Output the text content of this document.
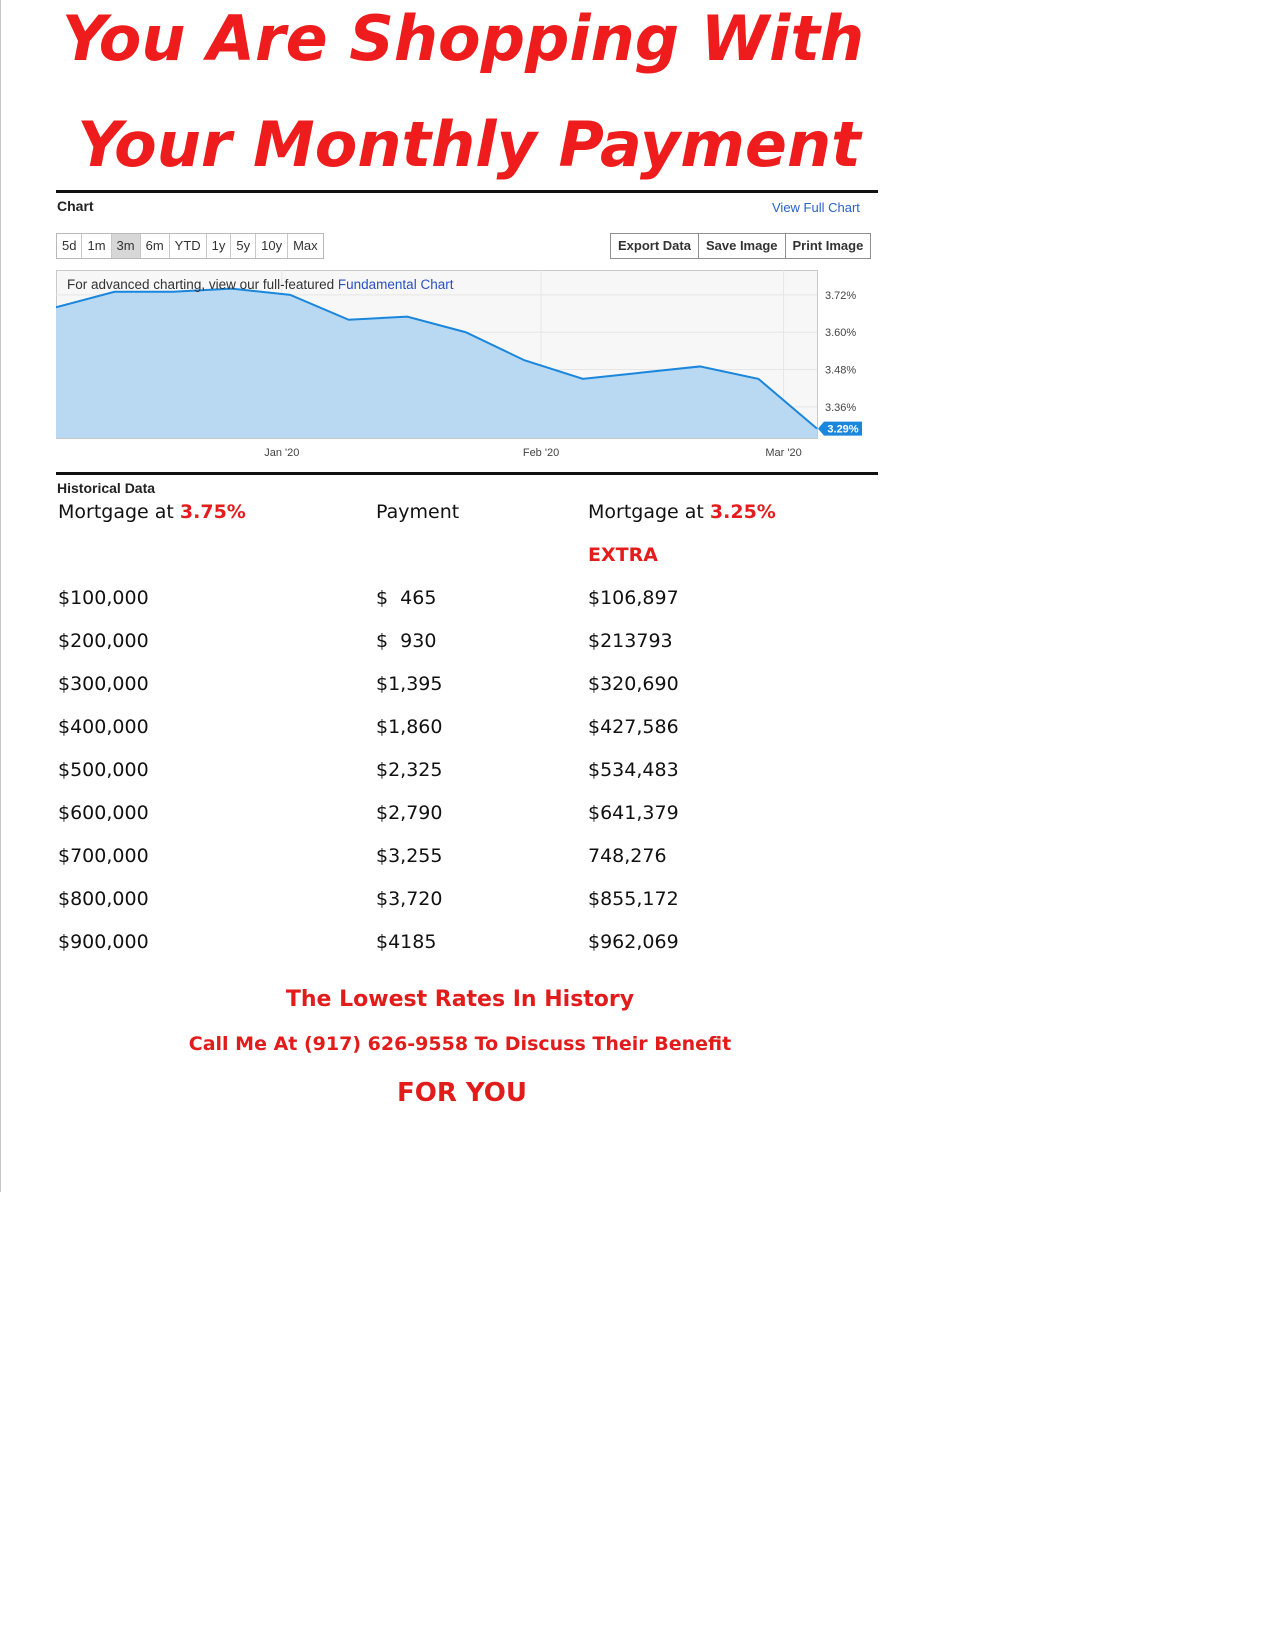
You Are Shopping With
Your Monthly Payment
Chart	View Full Chart
5d 1m 3m 6m YTD 1y 5y 10y Max	Export Data	Save Image	Print Image
3.72%
3.60%
3.48%
3.36%
Jan '20	Feb '20	Mar '20
3.29%
For advanced charting, view our full-featured Fundamental Chart
Historical Data
Mortgage at 3.75%	Payment	Mortgage at 3.25%
EXTRA
$100,000	$  465	$106,897
$200,000	$  930	$213793
$300,000	$1,395	$320,690
$400,000	$1,860	$427,586
$500,000	$2,325	$534,483
$600,000	$2,790	$641,379
$700,000	$3,255	748,276
$800,000	$3,720	$855,172
$900,000	$4185	$962,069
The Lowest Rates In History
Call Me At (917) 626-9558 To Discuss Their Benefit
FOR YOU
